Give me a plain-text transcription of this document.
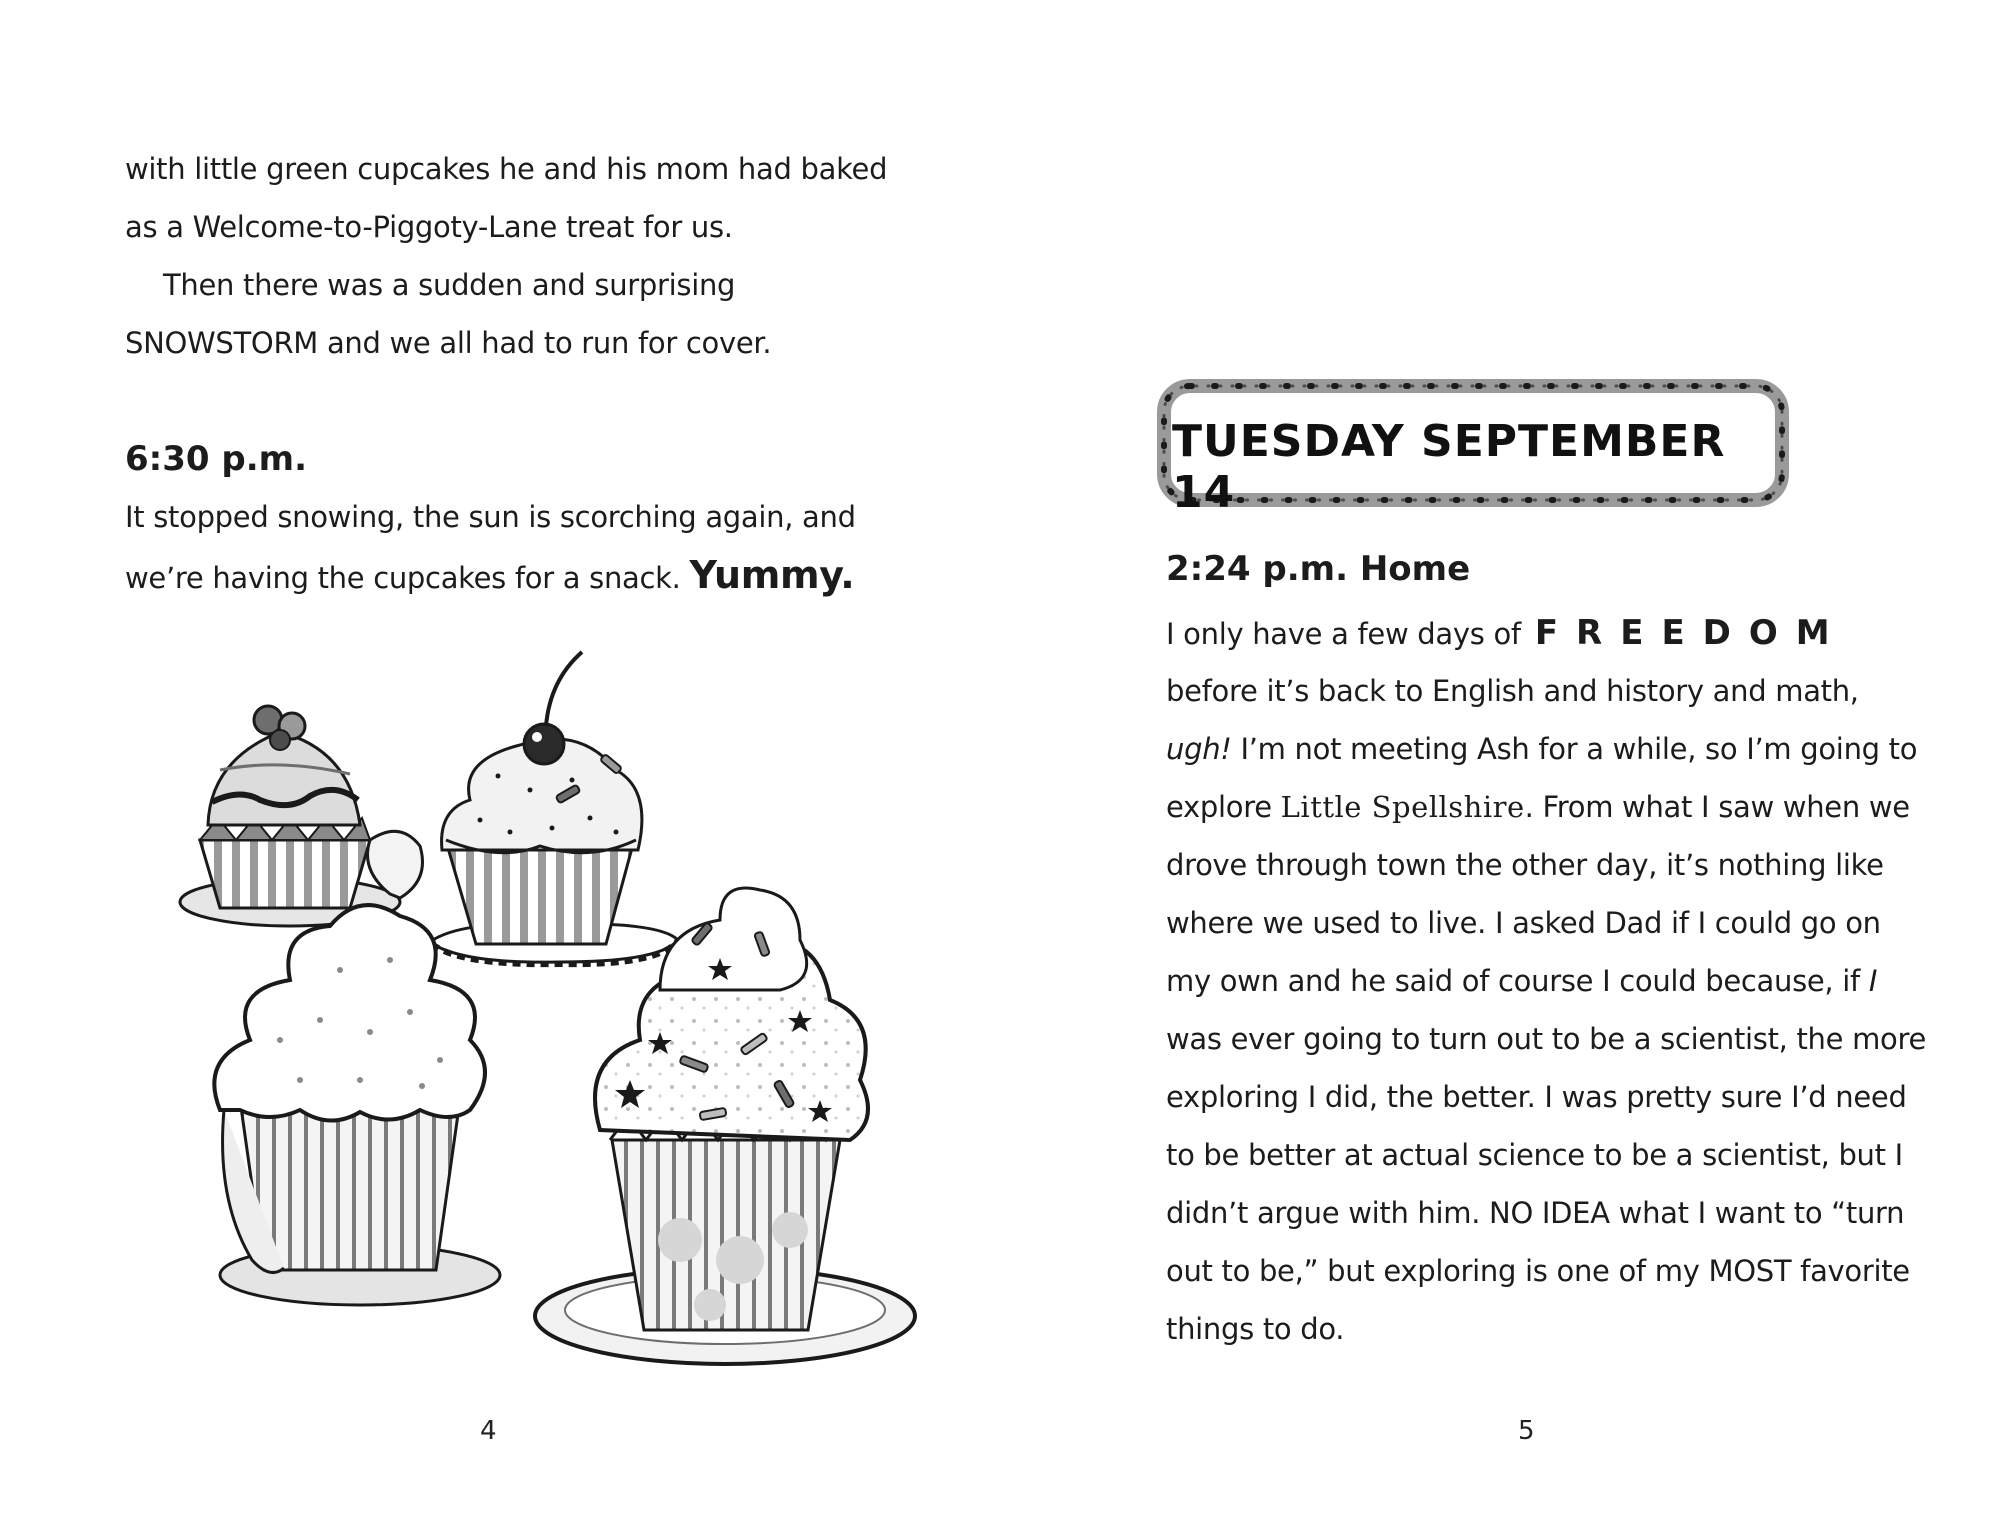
with little green cupcakes he and his mom had baked

as a Welcome-to-Piggoty-Lane treat for us.

Then there was a sudden and surprising

SNOWSTORM and we all had to run for cover.

6:30 p.m.

It stopped snowing, the sun is scorching again, and

we’re having the cupcakes for a snack. Yummy.

4
TUESDAY SEPTEMBER 14

2:24 p.m. Home

I only have a few days of FREEDOM

before it’s back to English and history and math,

ugh! I’m not meeting Ash for a while, so I’m going to

explore Little Spellshire. From what I saw when we

drove through town the other day, it’s nothing like

where we used to live. I asked Dad if I could go on

my own and he said of course I could because, if I

was ever going to turn out to be a scientist, the more

exploring I did, the better. I was pretty sure I’d need

to be better at actual science to be a scientist, but I

didn’t argue with him. NO IDEA what I want to “turn

out to be,” but exploring is one of my MOST favorite

things to do.

5
